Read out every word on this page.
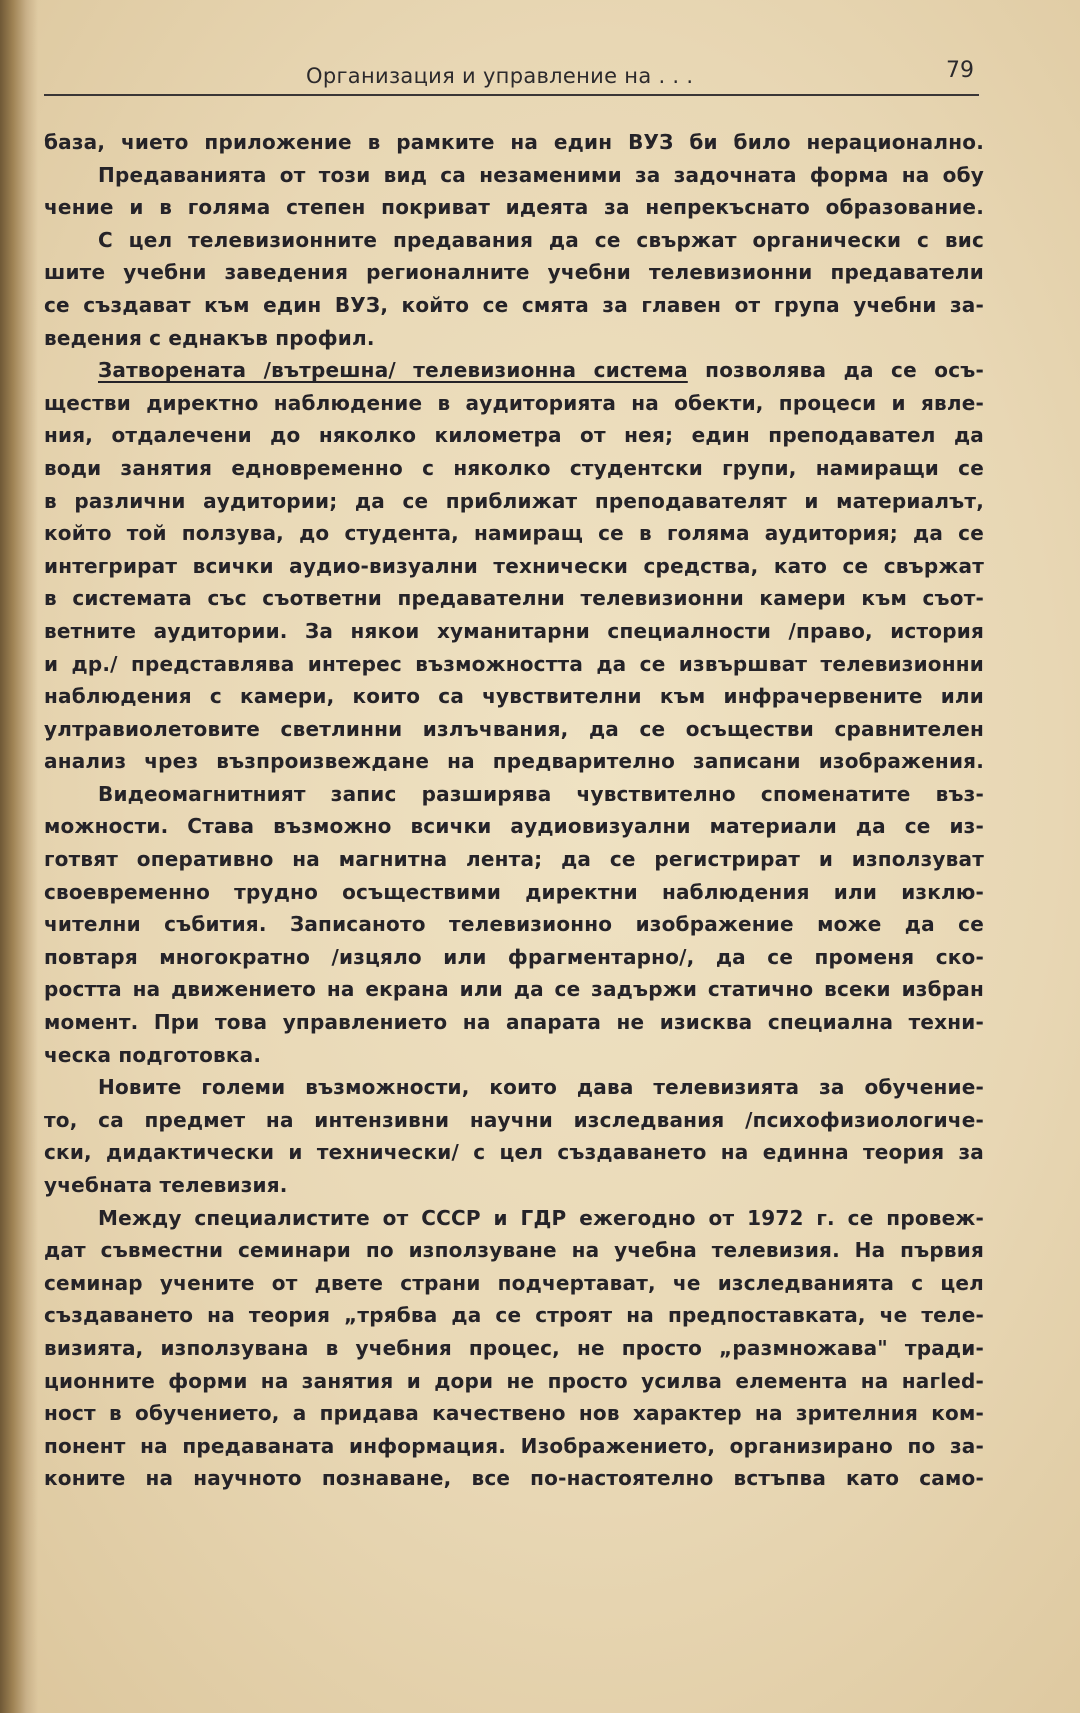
Организация и управление на . . .	79
база, чието приложение в рамките на един ВУЗ би било нерационално.
Предаванията от този вид са незаменими за задочната форма на обу
чение и в голяма степен покриват идеята за непрекъснато образование.
С цел телевизионните предавания да се свържат органически с вис
шите учебни заведения регионалните учебни телевизионни предаватели
се създават към един ВУЗ, който се смята за главен от група учебни за-
ведения с еднакъв профил.
Затворената /вътрешна/ телевизионна система позволява да се осъ-
ществи директно наблюдение в аудиторията на обекти, процеси и явле-
ния, отдалечени до няколко километра от нея; един преподавател да
води занятия едновременно с няколко студентски групи, намиращи се
в различни аудитории; да се приближат преподавателят и материалът,
който той ползува, до студента, намиращ се в голяма аудитория; да се
интегрират всички аудио-визуални технически средства, като се свържат
в системата със съответни предавателни телевизионни камери към съот-
ветните аудитории. За някои хуманитарни специалности /право, история
и др./ представлява интерес възможността да се извършват телевизионни
наблюдения с камери, които са чувствителни към инфрачервените или
ултравиолетовите светлинни излъчвания, да се осъществи сравнителен
анализ чрез възпроизвеждане на предварително записани изображения.
Видеомагнитният запис разширява чувствително споменатите въз-
можности. Става възможно всички аудиовизуални материали да се из-
готвят оперативно на магнитна лента; да се регистрират и използуват
своевременно трудно осъществими директни наблюдения или изклю-
чителни събития. Записаното телевизионно изображение може да се
повтаря многократно /изцяло или фрагментарно/, да се променя ско-
ростта на движението на екрана или да се задържи статично всеки избран
момент. При това управлението на апарата не изисква специална техни-
ческа подготовка.
Новите големи възможности, които дава телевизията за обучение-
то, са предмет на интензивни научни изследвания /психофизиологиче-
ски, дидактически и технически/ с цел създаването на единна теория за
учебната телевизия.
Между специалистите от СССР и ГДР ежегодно от 1972 г. се провеж-
дат съвместни семинари по използуване на учебна телевизия. На първия
семинар учените от двете страни подчертават, че изследванията с цел
създаването на теория „трябва да се строят на предпоставката, че теле-
визията, използувана в учебния процес, не просто „размножава" тради-
ционните форми на занятия и дори не просто усилва елемента на нагled-
ност в обучението, а придава качествено нов характер на зрителния ком-
понент на предаваната информация. Изображението, организирано по за-
коните на научното познаване, все по-настоятелно встъпва като само-
